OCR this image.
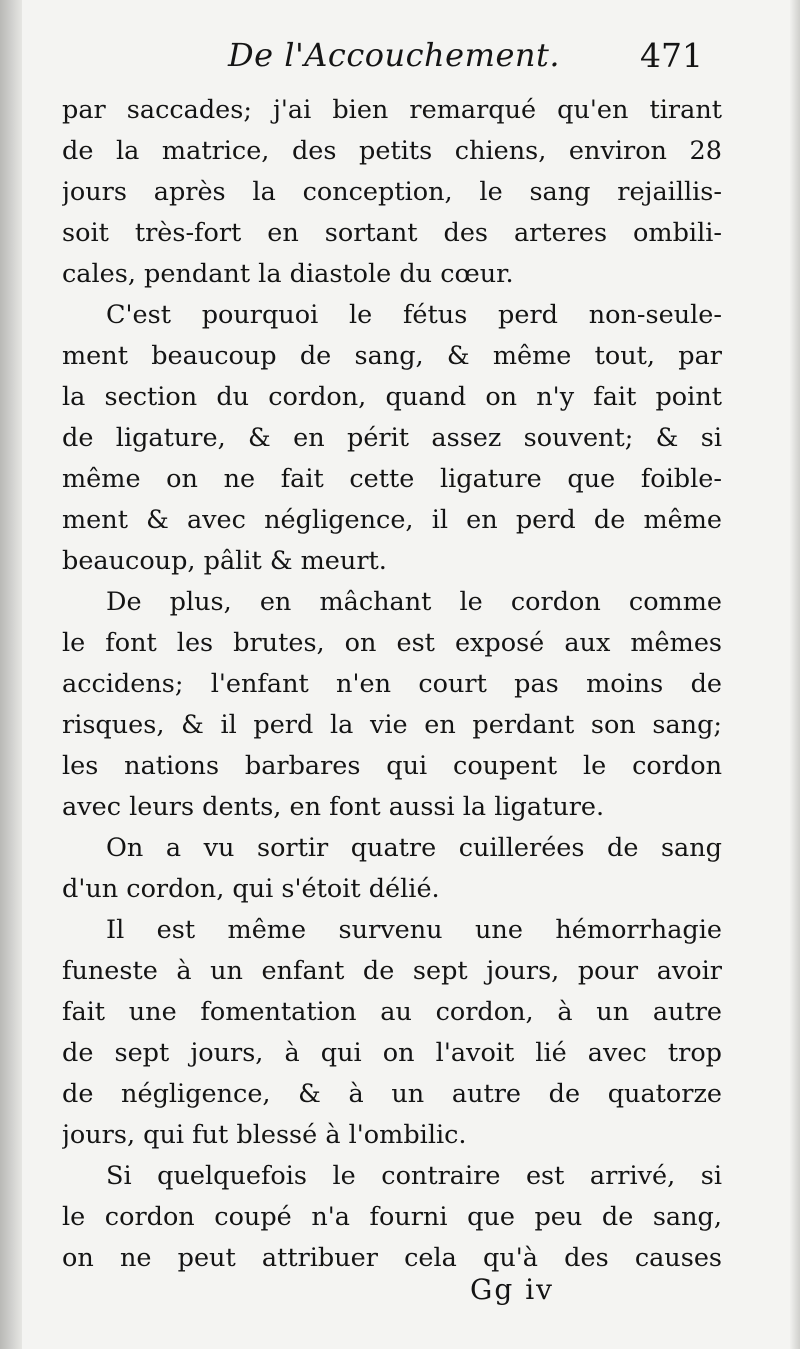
De l'Accouchement. 471
par saccades; j'ai bien remarqué qu'en tirant
de la matrice, des petits chiens, environ 28
jours après la conception, le sang rejaillis-
soit très-fort en sortant des arteres ombili-
cales, pendant la diastole du cœur.
C'est pourquoi le fétus perd non-seule-
ment beaucoup de sang, & même tout, par
la section du cordon, quand on n'y fait point
de ligature, & en périt assez souvent; & si
même on ne fait cette ligature que foible-
ment & avec négligence, il en perd de même
beaucoup, pâlit & meurt.
De plus, en mâchant le cordon comme
le font les brutes, on est exposé aux mêmes
accidens; l'enfant n'en court pas moins de
risques, & il perd la vie en perdant son sang;
les nations barbares qui coupent le cordon
avec leurs dents, en font aussi la ligature.
On a vu sortir quatre cuillerées de sang
d'un cordon, qui s'étoit délié.
Il est même survenu une hémorrhagie
funeste à un enfant de sept jours, pour avoir
fait une fomentation au cordon, à un autre
de sept jours, à qui on l'avoit lié avec trop
de négligence, & à un autre de quatorze
jours, qui fut blessé à l'ombilic.
Si quelquefois le contraire est arrivé, si
le cordon coupé n'a fourni que peu de sang,
on ne peut attribuer cela qu'à des causes
Gg iv
